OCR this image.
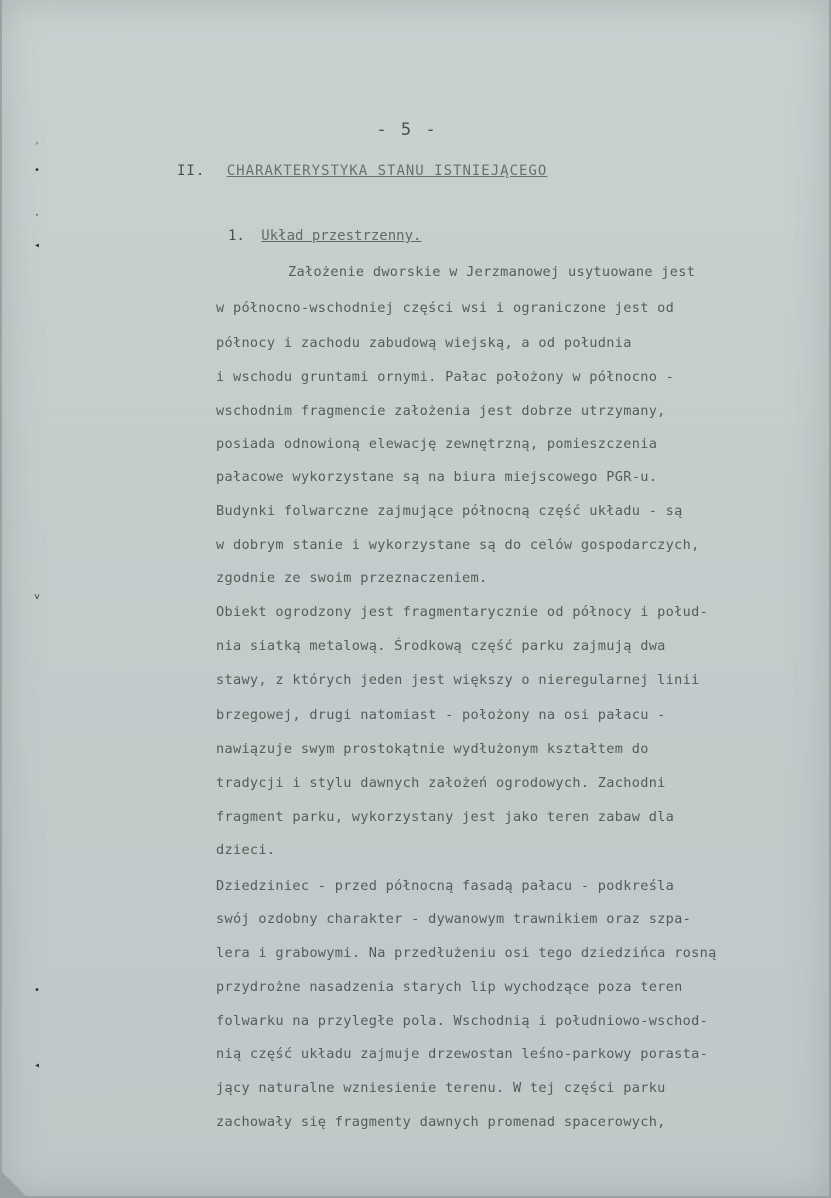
ˌ
•
·
◂
˅
•
◂
- 5 -
II. CHARAKTERYSTYKA STANU ISTNIEJĄCEGO
1. Układ przestrzenny.
Założenie dworskie w Jerzmanowej usytuowane jest
w północno-wschodniej części wsi i ograniczone jest od
północy i zachodu zabudową wiejską, a od południa
i wschodu gruntami ornymi. Pałac położony w północno -
wschodnim fragmencie założenia jest dobrze utrzymany,
posiada odnowioną elewację zewnętrzną, pomieszczenia
pałacowe wykorzystane są na biura miejscowego PGR-u.
Budynki folwarczne zajmujące północną część układu - są
w dobrym stanie i wykorzystane są do celów gospodarczych,
zgodnie ze swoim przeznaczeniem.
Obiekt ogrodzony jest fragmentarycznie od północy i połud-
nia siatką metalową. Środkową część parku zajmują dwa
stawy, z których jeden jest większy o nieregularnej linii
brzegowej, drugi natomiast - położony na osi pałacu -
nawiązuje swym prostokątnie wydłużonym kształtem do
tradycji i stylu dawnych założeń ogrodowych. Zachodni
fragment parku, wykorzystany jest jako teren zabaw dla
dzieci.
Dziedziniec - przed północną fasadą pałacu - podkreśla
swój ozdobny charakter - dywanowym trawnikiem oraz szpa-
lera i grabowymi. Na przedłużeniu osi tego dziedzińca rosną
przydrożne nasadzenia starych lip wychodzące poza teren
folwarku na przyległe pola. Wschodnią i południowo-wschod-
nią część układu zajmuje drzewostan leśno-parkowy porasta-
jący naturalne wzniesienie terenu. W tej części parku
zachowały się fragmenty dawnych promenad spacerowych,
